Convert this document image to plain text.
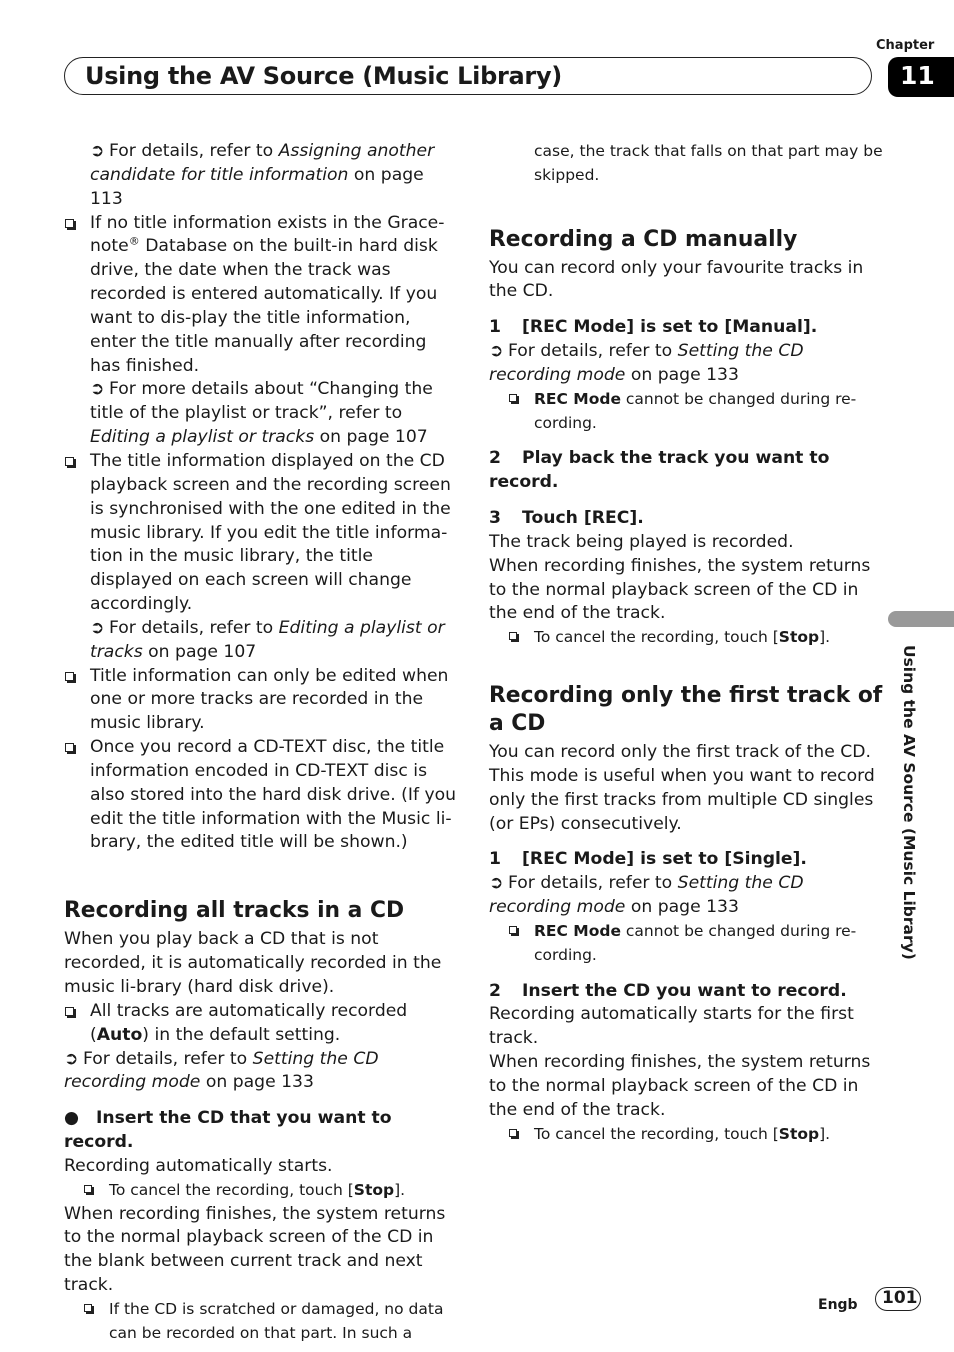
Chapter
Using the AV Source (Music Library)	11
Using the AV Source (Music Library)

➲ For details, refer to Assigning another candidate for title information on page 113

If no title information exists in the Grace-note® Database on the built-in hard disk drive, the date when the track was recorded is entered automatically. If you want to dis-play the title information, enter the title manually after recording has finished.

➲ For more details about “Changing the title of the playlist or track”, refer to Editing a playlist or tracks on page 107

The title information displayed on the CD playback screen and the recording screen is synchronised with the one edited in the music library. If you edit the title informa-tion in the music library, the title displayed on each screen will change accordingly.

➲ For details, refer to Editing a playlist or tracks on page 107

Title information can only be edited when one or more tracks are recorded in the music library.

Once you record a CD-TEXT disc, the title information encoded in CD-TEXT disc is also stored into the hard disk drive. (If you edit the title information with the Music li-brary, the edited title will be shown.)

Recording all tracks in a CD

When you play back a CD that is not recorded, it is automatically recorded in the music li-brary (hard disk drive).

All tracks are automatically recorded (Auto) in the default setting.

➲ For details, refer to Setting the CD recording mode on page 133

● Insert the CD that you want to record.

Recording automatically starts.

To cancel the recording, touch [Stop].

When recording finishes, the system returns to the normal playback screen of the CD in the blank between current track and next track.

If the CD is scratched or damaged, no data can be recorded on that part. In such a

case, the track that falls on that part may be skipped.

Recording a CD manually

You can record only your favourite tracks in the CD.

1 [REC Mode] is set to [Manual].

➲ For details, refer to Setting the CD recording mode on page 133

REC Mode cannot be changed during re-cording.

2 Play back the track you want to record.

3 Touch [REC].

The track being played is recorded.

When recording finishes, the system returns to the normal playback screen of the CD in the end of the track.

To cancel the recording, touch [Stop].

Recording only the first track of a CD

You can record only the first track of the CD. This mode is useful when you want to record only the first tracks from multiple CD singles (or EPs) consecutively.

1 [REC Mode] is set to [Single].

➲ For details, refer to Setting the CD recording mode on page 133

REC Mode cannot be changed during re-cording.

2 Insert the CD you want to record.

Recording automatically starts for the first track.

When recording finishes, the system returns to the normal playback screen of the CD in the end of the track.

To cancel the recording, touch [Stop].

Engb 101
